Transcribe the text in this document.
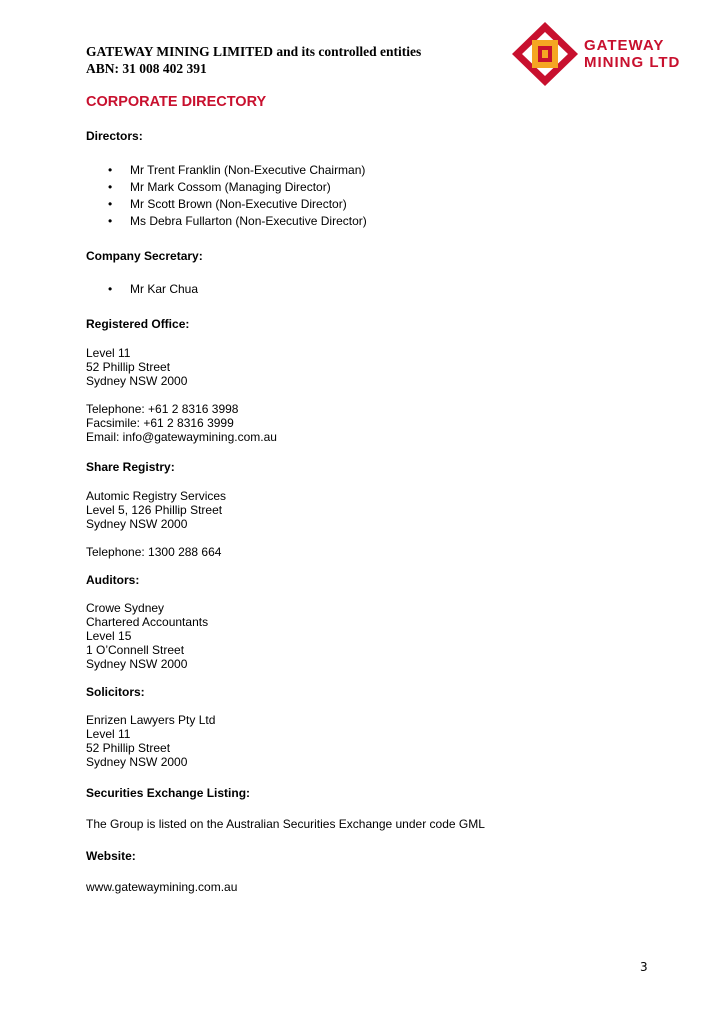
GATEWAY MINING LIMITED and its controlled entities
ABN: 31 008 402 391
GATEWAY
MINING LTD
CORPORATE DIRECTORY
Directors:
• Mr Trent Franklin (Non-Executive Chairman)
• Mr Mark Cossom (Managing Director)
• Mr Scott Brown (Non-Executive Director)
• Ms Debra Fullarton (Non-Executive Director)
Company Secretary:
• Mr Kar Chua
Registered Office:
Level 11
52 Phillip Street
Sydney NSW 2000
Telephone: +61 2 8316 3998
Facsimile: +61 2 8316 3999
Email: info@gatewaymining.com.au
Share Registry:
Automic Registry Services
Level 5, 126 Phillip Street
Sydney NSW 2000
Telephone: 1300 288 664
Auditors:
Crowe Sydney
Chartered Accountants
Level 15
1 O’Connell Street
Sydney NSW 2000
Solicitors:
Enrizen Lawyers Pty Ltd
Level 11
52 Phillip Street
Sydney NSW 2000
Securities Exchange Listing:
The Group is listed on the Australian Securities Exchange under code GML
Website:
www.gatewaymining.com.au
3
